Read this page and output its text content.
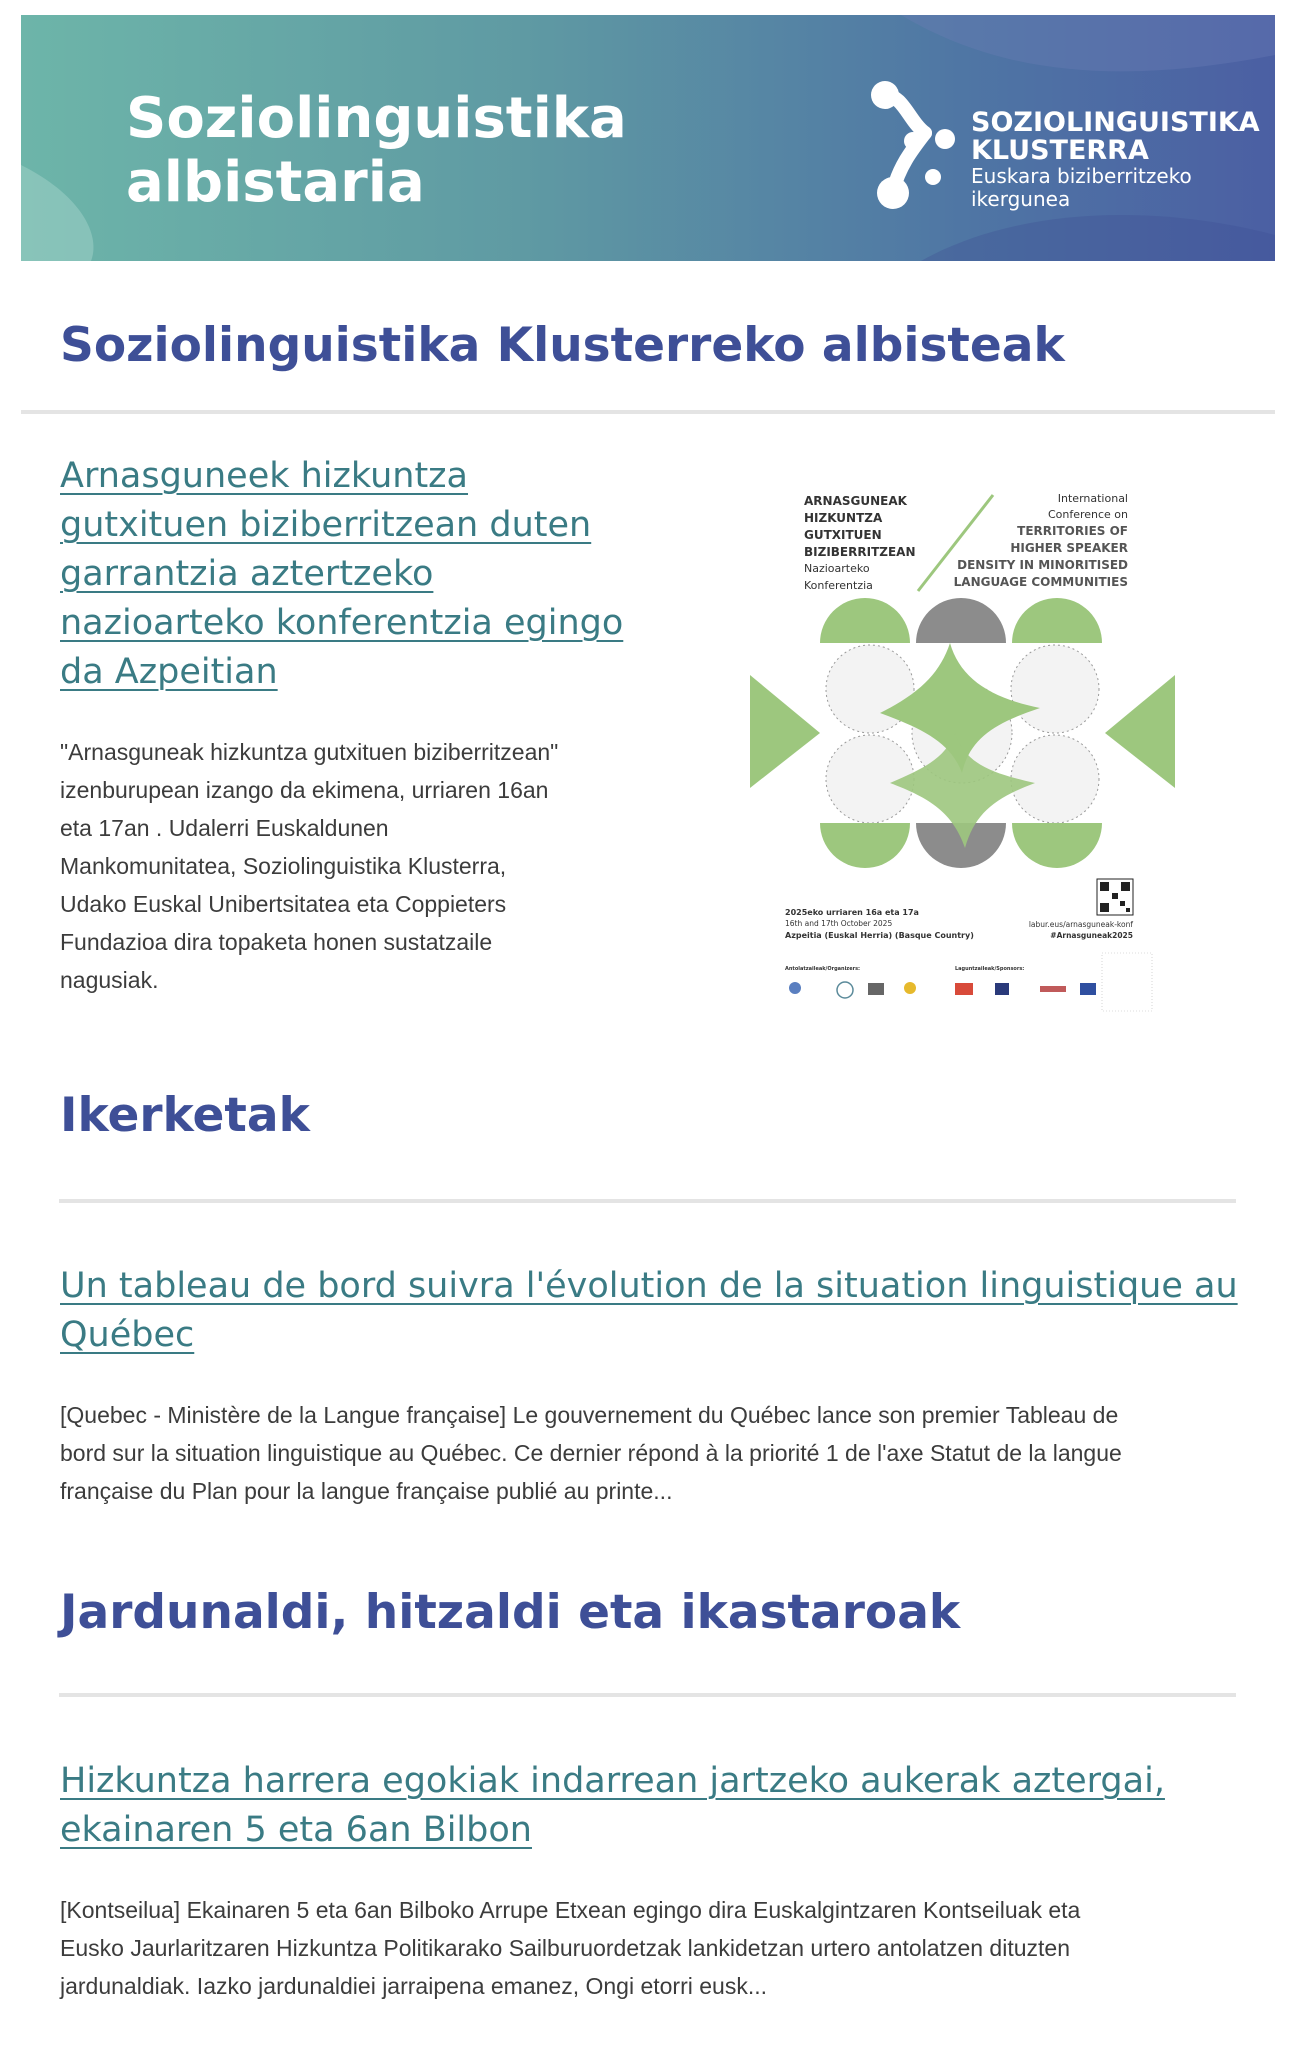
Soziolinguistika
albistaria
SOZIOLINGUISTIKA
KLUSTERRA
Euskara biziberritzeko
ikergunea
Soziolinguistika Klusterreko albisteak
Arnasguneek hizkuntza
gutxituen biziberritzean duten
garrantzia aztertzeko
nazioarteko konferentzia egingo
da Azpeitian

"Arnasguneak hizkuntza gutxituen biziberritzean"
izenburupean izango da ekimena, urriaren 16an
eta 17an . Udalerri Euskaldunen
Mankomunitatea, Soziolinguistika Klusterra,
Udako Euskal Unibertsitatea eta Coppieters
Fundazioa dira topaketa honen sustatzaile
nagusiak.

ARNASGUNEAK
HIZKUNTZA
GUTXITUEN
BIZIBERRITZEAN
Nazioarteko
Konferentzia
International
Conference on
TERRITORIES OF
HIGHER SPEAKER
DENSITY IN MINORITISED
LANGUAGE COMMUNITIES
2025eko urriaren 16a eta 17a
16th and 17th October 2025
Azpeitia (Euskal Herria) (Basque Country)
labur.eus/arnasguneak-konf
#Arnasguneak2025
Antolatzaileak/Organizers:	Laguntzaileak/Sponsors:
Ikerketak
Un tableau de bord suivra l'évolution de la situation linguistique au
Québec

[Quebec - Ministère de la Langue française] Le gouvernement du Québec lance son premier Tableau de
bord sur la situation linguistique au Québec. Ce dernier répond à la priorité 1 de l'axe Statut de la langue
française du Plan pour la langue française publié au printe...

Jardunaldi, hitzaldi eta ikastaroak
Hizkuntza harrera egokiak indarrean jartzeko aukerak aztergai,
ekainaren 5 eta 6an Bilbon

[Kontseilua] Ekainaren 5 eta 6an Bilboko Arrupe Etxean egingo dira Euskalgintzaren Kontseiluak eta
Eusko Jaurlaritzaren Hizkuntza Politikarako Sailburuordetzak lankidetzan urtero antolatzen dituzten
jardunaldiak. Iazko jardunaldiei jarraipena emanez, Ongi etorri eusk...
